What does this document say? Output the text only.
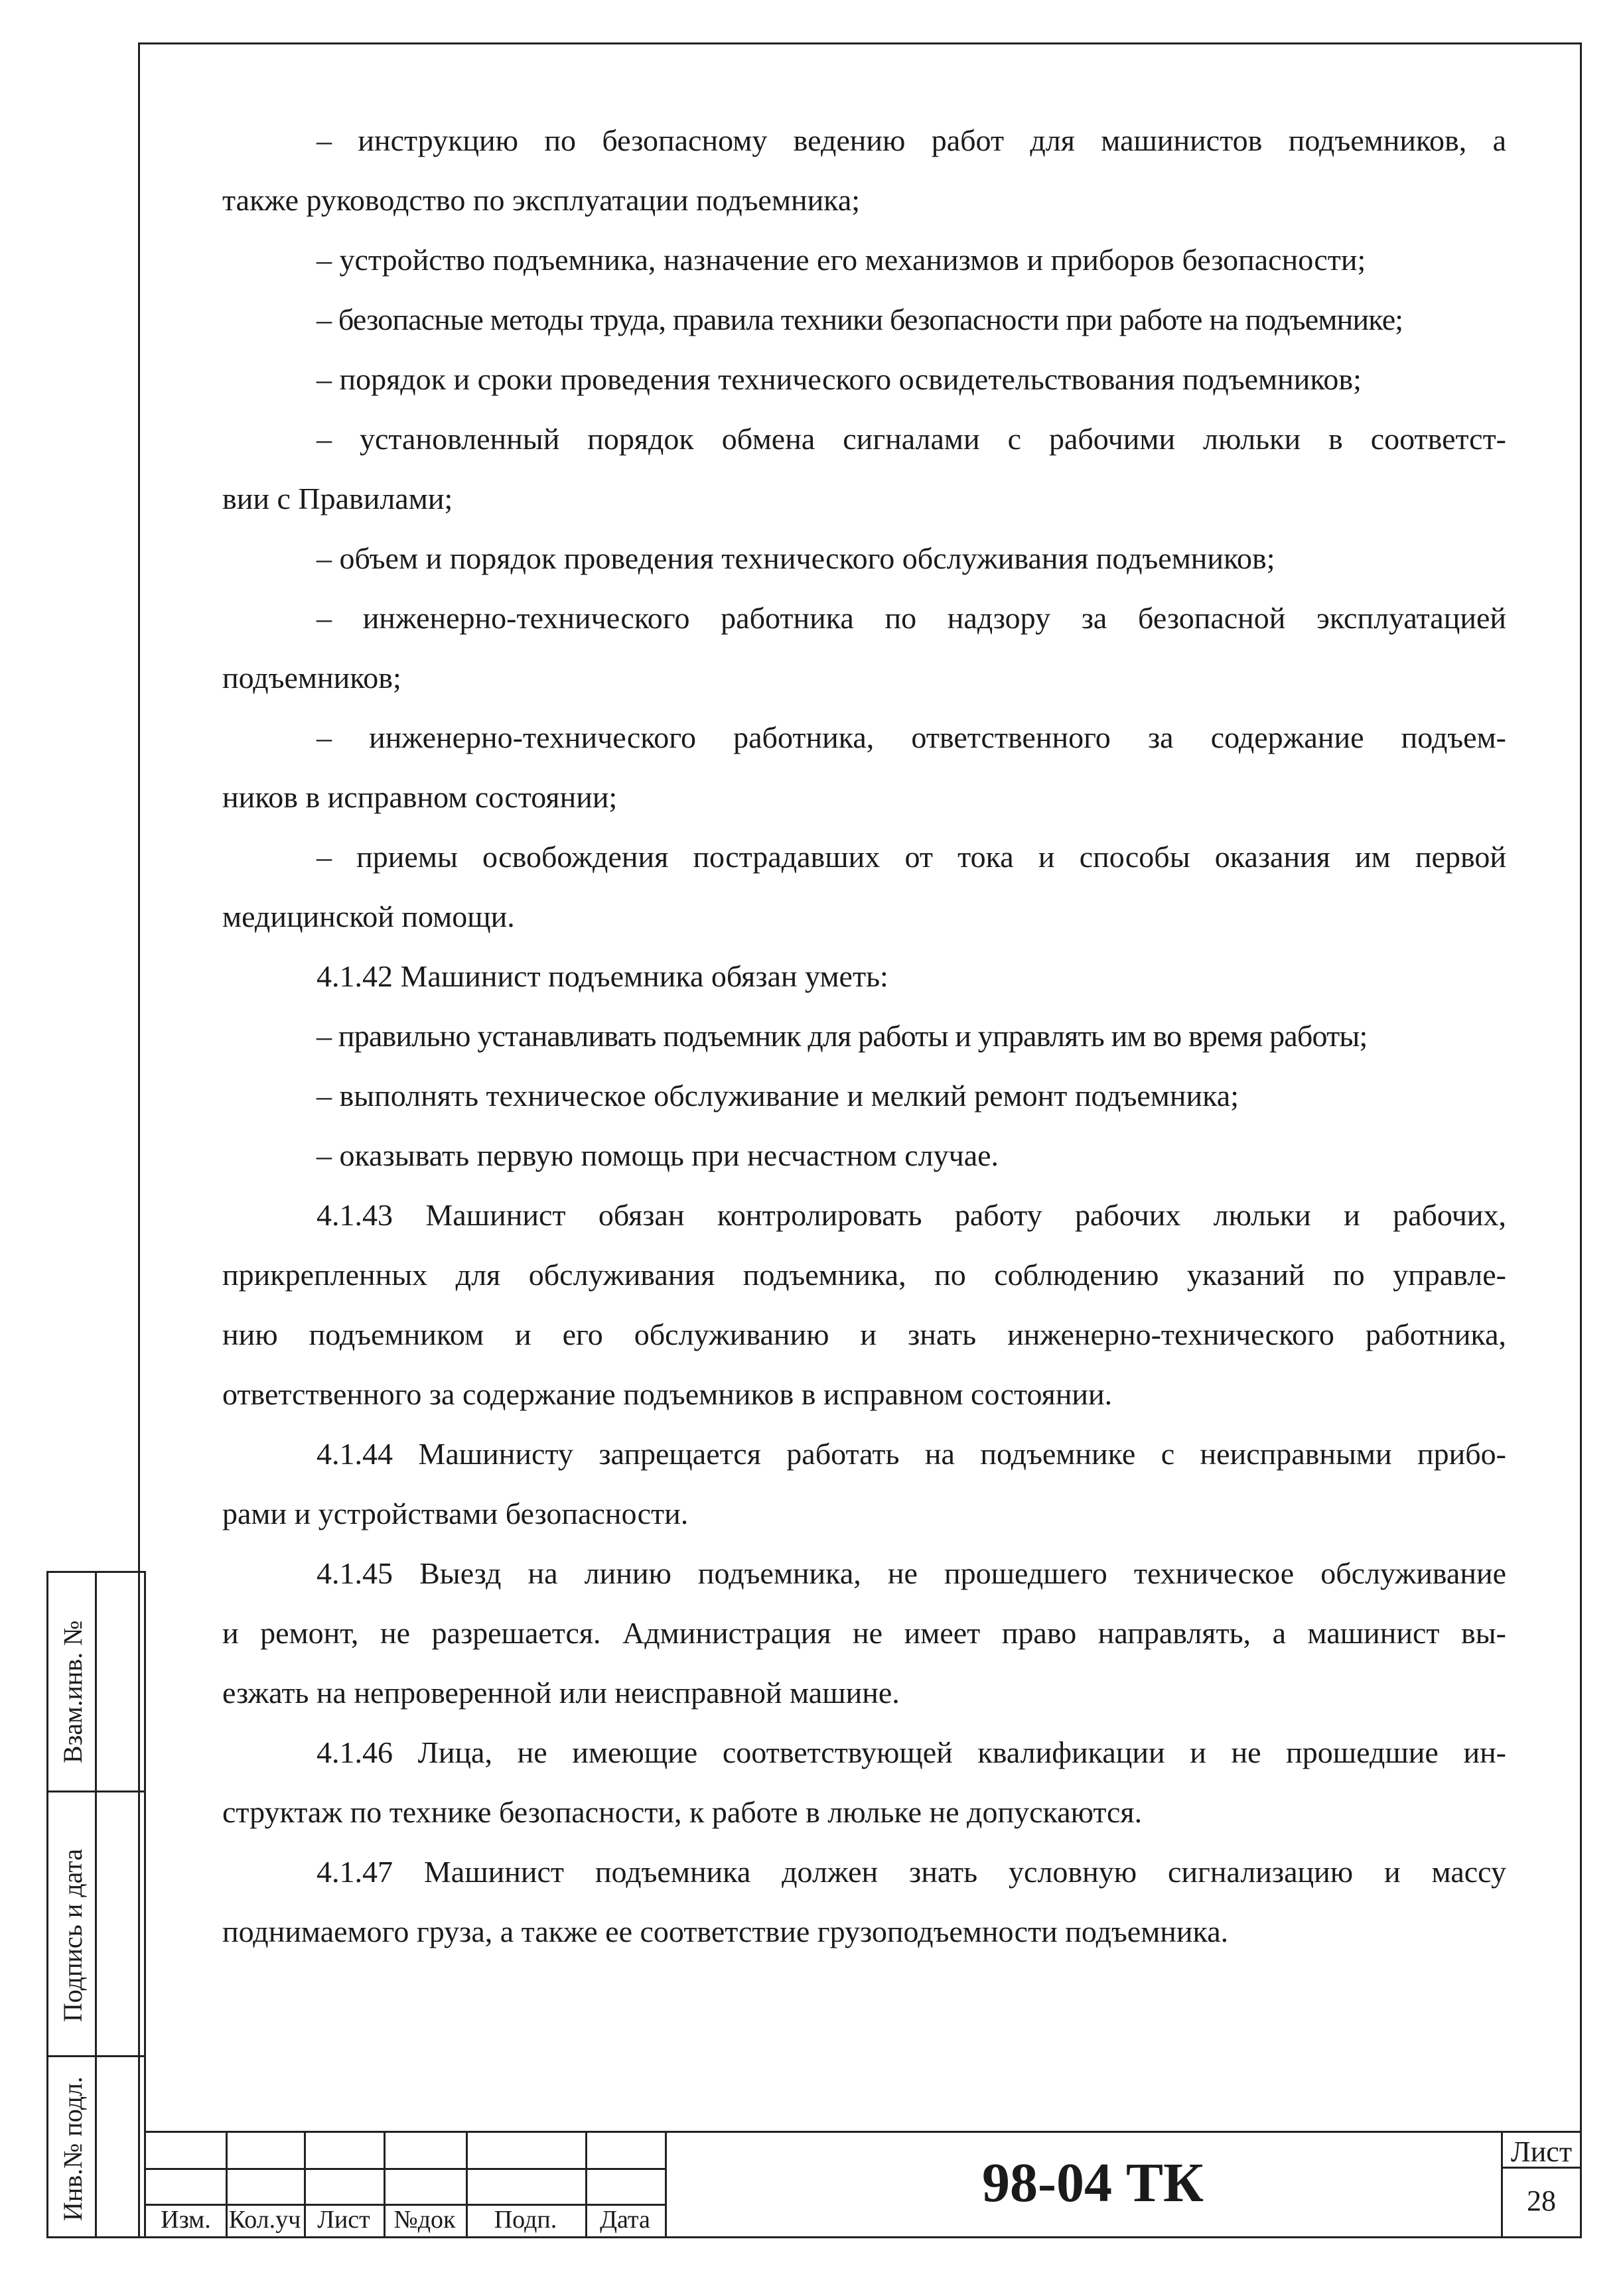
– инструкцию по безопасному ведению работ для машинистов подъемников, а
также руководство по эксплуатации подъемника;
– устройство подъемника, назначение его механизмов и приборов безопасности;
– безопасные методы труда, правила техники безопасности при работе на подъемнике;
– порядок и сроки проведения технического освидетельствования подъемников;
– установленный порядок обмена сигналами с рабочими люльки в соответст-
вии с Правилами;
– объем и порядок проведения технического обслуживания подъемников;
– инженерно-технического работника по надзору за безопасной эксплуатацией
подъемников;
– инженерно-технического работника, ответственного за содержание подъем-
ников в исправном состоянии;
– приемы освобождения пострадавших от тока и способы оказания им первой
медицинской помощи.
4.1.42 Машинист подъемника обязан уметь:
– правильно устанавливать подъемник для работы и управлять им во время работы;
– выполнять техническое обслуживание и мелкий ремонт подъемника;
– оказывать первую помощь при несчастном случае.
4.1.43 Машинист обязан контролировать работу рабочих люльки и рабочих,
прикрепленных для обслуживания подъемника, по соблюдению указаний по управле-
нию подъемником и его обслуживанию и знать инженерно-технического работника,
ответственного за содержание подъемников в исправном состоянии.
4.1.44 Машинисту запрещается работать на подъемнике с неисправными прибо-
рами и устройствами безопасности.
4.1.45 Выезд на линию подъемника, не прошедшего техническое обслуживание
и ремонт, не разрешается. Администрация не имеет право направлять, а машинист вы-
езжать на непроверенной или неисправной машине.
4.1.46 Лица, не имеющие соответствующей квалификации и не прошедшие ин-
структаж по технике безопасности, к работе в люльке не допускаются.
4.1.47 Машинист подъемника должен знать условную сигнализацию и массу
поднимаемого груза, а также ее соответствие грузоподъемности подъемника.
Взам.инв. №
Подпись и дата
Инв.№ подл.	Изм. Кол.уч Лист №док	Подп.	Дата
98-04 ТК
Лист
28
